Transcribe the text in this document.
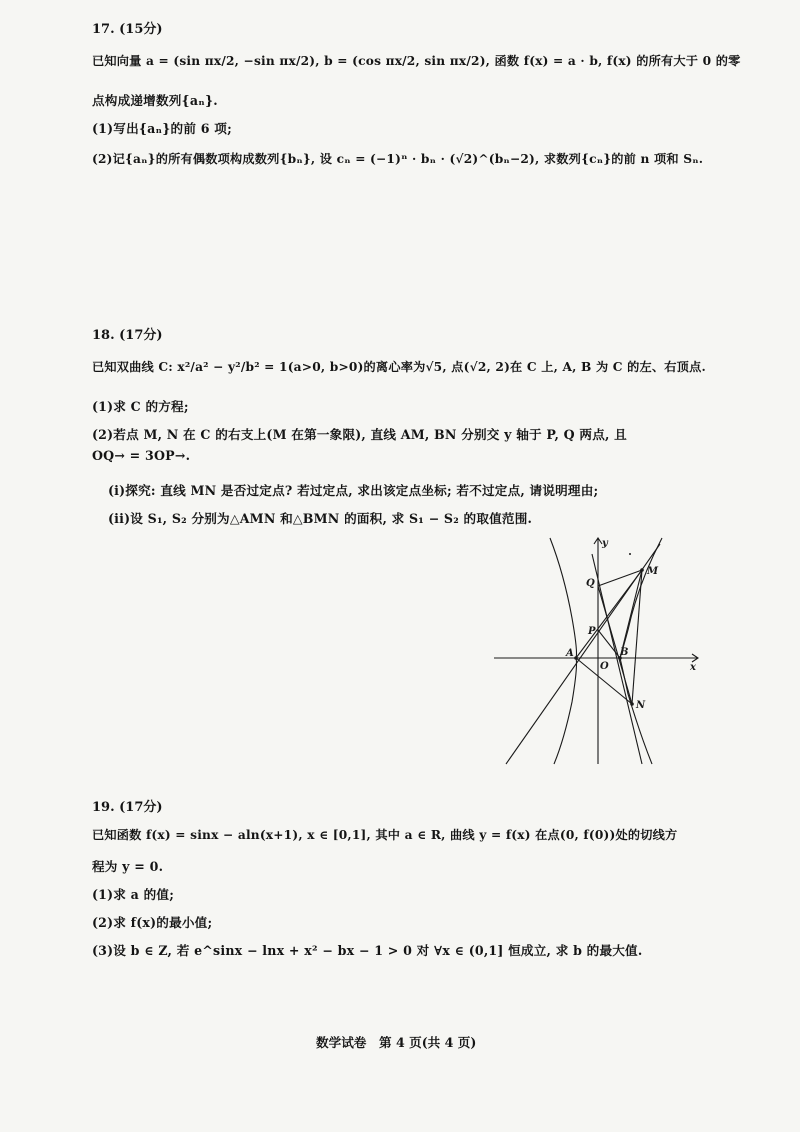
17. (15分)
已知向量 a = (sin πx/2, −sin πx/2), b = (cos πx/2, sin πx/2), 函数 f(x) = a · b, f(x) 的所有大于 0 的零
点构成递增数列{aₙ}.
(1)写出{aₙ}的前 6 项;
(2)记{aₙ}的所有偶数项构成数列{bₙ}, 设 cₙ = (−1)ⁿ · bₙ · (√2)^(bₙ−2), 求数列{cₙ}的前 n 项和 Sₙ.
18. (17分)
已知双曲线 C: x²/a² − y²/b² = 1(a>0, b>0)的离心率为√5, 点(√2, 2)在 C 上, A, B 为 C 的左、右顶点.
(1)求 C 的方程;
(2)若点 M, N 在 C 的右支上(M 在第一象限), 直线 AM, BN 分别交 y 轴于 P, Q 两点, 且
OQ→ = 3OP→.
(i)探究: 直线 MN 是否过定点? 若过定点, 求出该定点坐标; 若不过定点, 请说明理由;
(ii)设 S₁, S₂ 分别为△AMN 和△BMN 的面积, 求 S₁ − S₂ 的取值范围.
y
x
Q
M
P
A
O
B
N
19. (17分)
已知函数 f(x) = sinx − aln(x+1), x ∈ [0,1], 其中 a ∈ R, 曲线 y = f(x) 在点(0, f(0))处的切线方
程为 y = 0.
(1)求 a 的值;
(2)求 f(x)的最小值;
(3)设 b ∈ Z, 若 e^sinx − lnx + x² − bx − 1 > 0 对 ∀x ∈ (0,1] 恒成立, 求 b 的最大值.
数学试卷　第 4 页(共 4 页)
